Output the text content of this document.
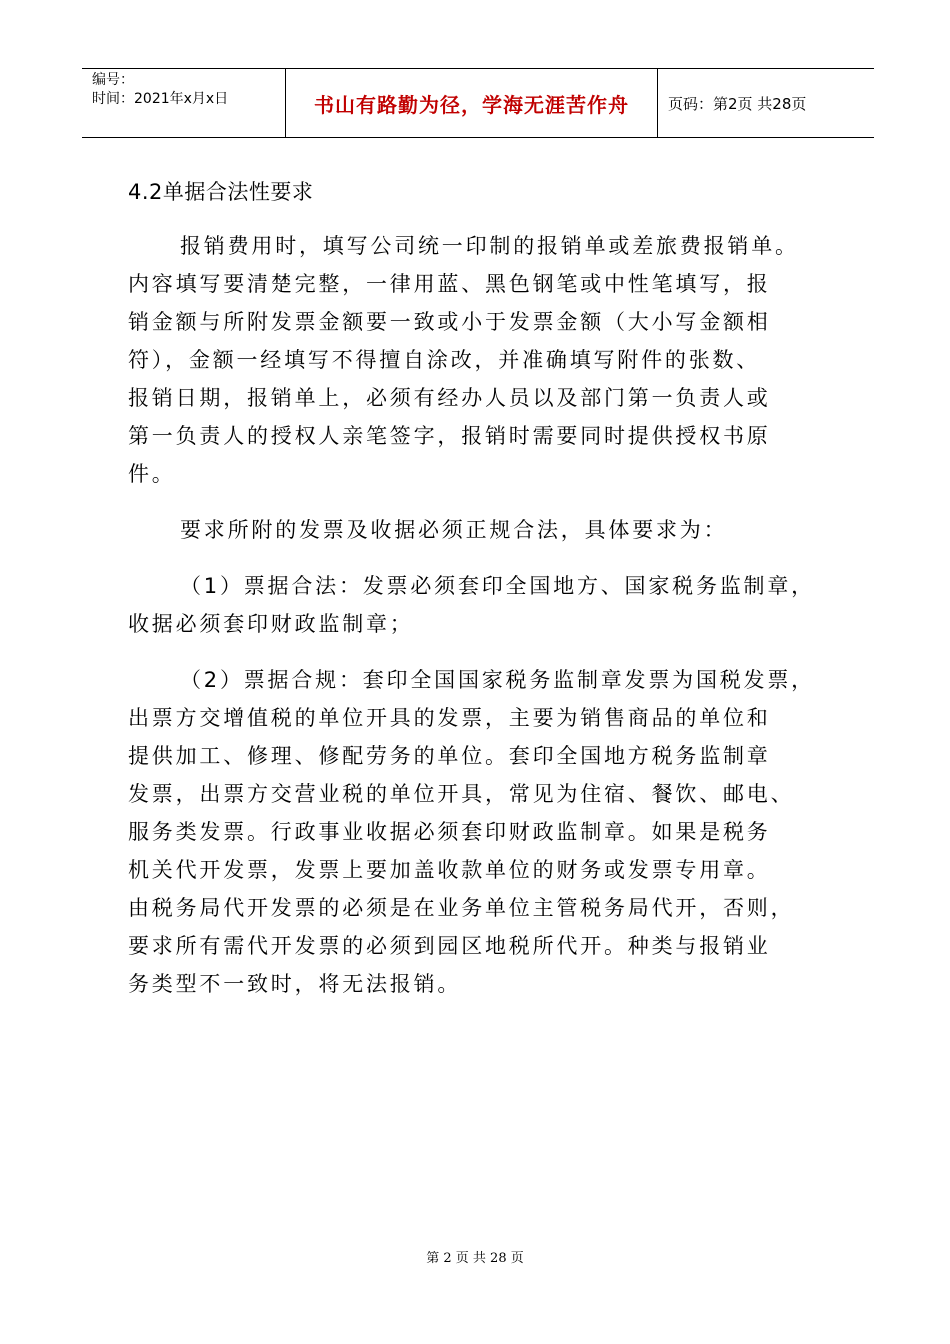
编号：
时间：2021年x月x日	书山有路勤为径，学海无涯苦作舟	页码：第2页 共28页
4.2单据合法性要求
报销费用时，填写公司统一印制的报销单或差旅费报销单。
内容填写要清楚完整，一律用蓝、黑色钢笔或中性笔填写，报
销金额与所附发票金额要一致或小于发票金额（大小写金额相
符），金额一经填写不得擅自涂改，并准确填写附件的张数、
报销日期，报销单上，必须有经办人员以及部门第一负责人或
第一负责人的授权人亲笔签字，报销时需要同时提供授权书原
件。
要求所附的发票及收据必须正规合法，具体要求为：
（1）票据合法：发票必须套印全国地方、国家税务监制章，
收据必须套印财政监制章；
（2）票据合规：套印全国国家税务监制章发票为国税发票，
出票方交增值税的单位开具的发票，主要为销售商品的单位和
提供加工、修理、修配劳务的单位。套印全国地方税务监制章
发票，出票方交营业税的单位开具，常见为住宿、餐饮、邮电、
服务类发票。行政事业收据必须套印财政监制章。如果是税务
机关代开发票，发票上要加盖收款单位的财务或发票专用章。
由税务局代开发票的必须是在业务单位主管税务局代开，否则，
要求所有需代开发票的必须到园区地税所代开。种类与报销业
务类型不一致时，将无法报销。
第 2 页 共 28 页
